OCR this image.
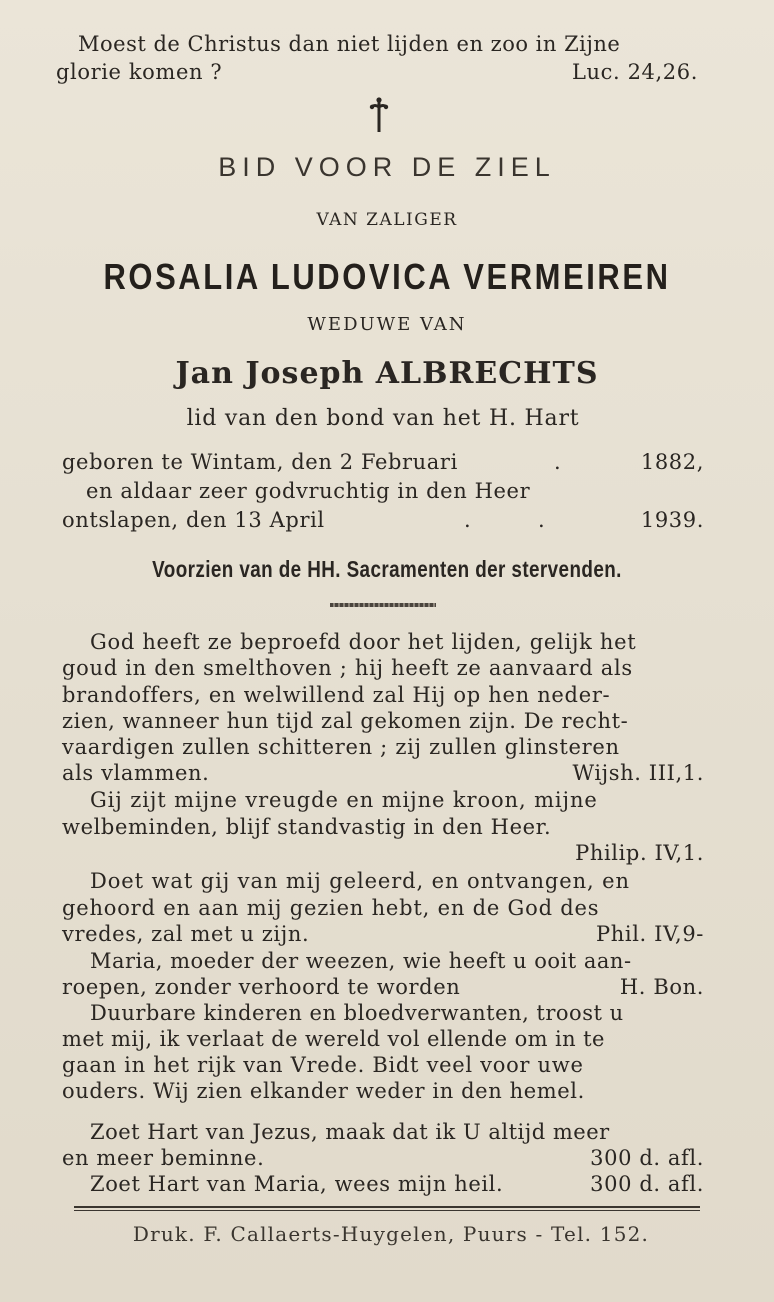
Moest de Christus dan niet lijden en zoo in Zijne
glorie komen ?	Luc. 24,26.
BID VOOR DE ZIEL
VAN ZALIGER
ROSALIA LUDOVICA VERMEIREN
WEDUWE VAN
Jan Joseph ALBRECHTS
lid van den bond van het H. Hart
geboren te Wintam, den 2 Februari	.	1882,
en aldaar zeer godvruchtig in den Heer
ontslapen, den 13 April	.	.	1939.
Voorzien van de HH. Sacramenten der stervenden.
God heeft ze beproefd door het lijden, gelijk het
goud in den smelthoven ; hij heeft ze aanvaard als
brandoffers, en welwillend zal Hij op hen neder-
zien, wanneer hun tijd zal gekomen zijn. De recht-
vaardigen zullen schitteren ; zij zullen glinsteren
als vlammen.	Wijsh. III,1.
Gij zijt mijne vreugde en mijne kroon, mijne
welbeminden, blijf standvastig in den Heer.
Philip. IV,1.
Doet wat gij van mij geleerd, en ontvangen, en
gehoord en aan mij gezien hebt, en de God des
vredes, zal met u zijn.	Phil. IV,9-
Maria, moeder der weezen, wie heeft u ooit aan-
roepen, zonder verhoord te worden	H. Bon.
Duurbare kinderen en bloedverwanten, troost u
met mij, ik verlaat de wereld vol ellende om in te
gaan in het rijk van Vrede. Bidt veel voor uwe
ouders. Wij zien elkander weder in den hemel.
Zoet Hart van Jezus, maak dat ik U altijd meer
en meer beminne.	300 d. afl.
Zoet Hart van Maria, wees mijn heil.	300 d. afl.
Druk. F. Callaerts-Huygelen, Puurs - Tel. 152.
